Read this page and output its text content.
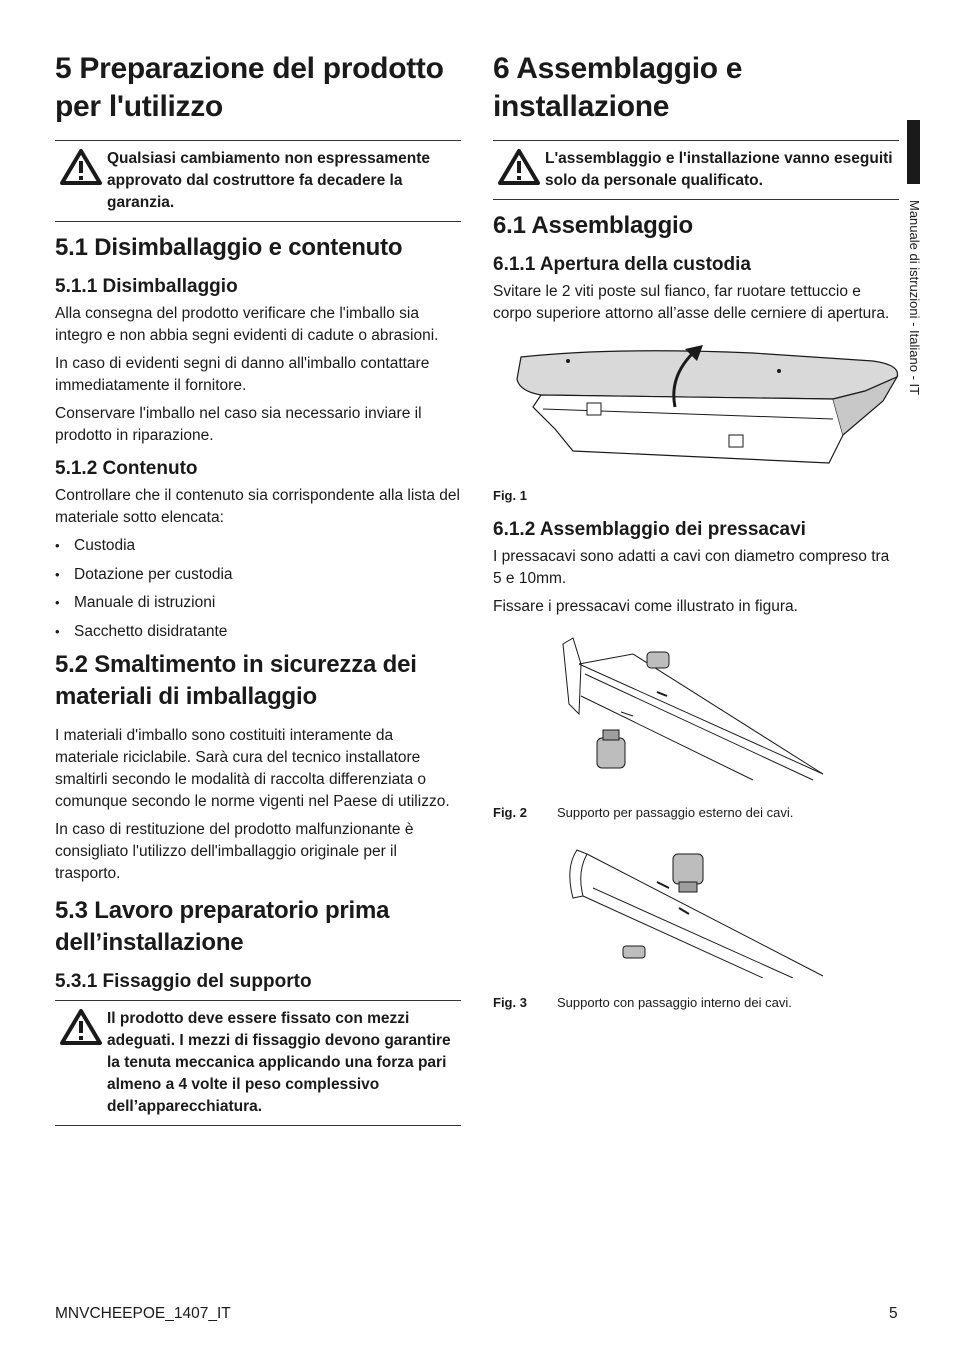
5 Preparazione del prodotto per l'utilizzo
Qualsiasi cambiamento non espressamente approvato dal costruttore fa decadere la garanzia.
5.1 Disimballaggio e contenuto
5.1.1 Disimballaggio

Alla consegna del prodotto verificare che l'imballo sia integro e non abbia segni evidenti di cadute o abrasioni.

In caso di evidenti segni di danno all'imballo contattare immediatamente il fornitore.

Conservare l'imballo nel caso sia necessario inviare il prodotto in riparazione.

5.1.2 Contenuto

Controllare che il contenuto sia corrispondente alla lista del materiale sotto elencata:

• Custodia
• Dotazione per custodia
• Manuale di istruzioni
• Sacchetto disidratante
5.2 Smaltimento in sicurezza dei materiali di imballaggio

I materiali d'imballo sono costituiti interamente da materiale riciclabile. Sarà cura del tecnico installatore smaltirli secondo le modalità di raccolta differenziata o comunque secondo le norme vigenti nel Paese di utilizzo.

In caso di restituzione del prodotto malfunzionante è consigliato l'utilizzo dell'imballaggio originale per il trasporto.

5.3 Lavoro preparatorio prima dell’installazione
5.3.1 Fissaggio del supporto
Il prodotto deve essere fissato con mezzi adeguati. I mezzi di fissaggio devono garantire la tenuta meccanica applicando una forza pari almeno a 4 volte il peso complessivo dell’apparecchiatura.
6 Assemblaggio e installazione
L'assemblaggio e l'installazione vanno eseguiti solo da personale qualificato.
6.1 Assemblaggio
6.1.1 Apertura della custodia

Svitare le 2 viti poste sul fianco, far ruotare tettuccio e corpo superiore attorno all’asse delle cerniere di apertura.

Fig. 1
6.1.2 Assemblaggio dei pressacavi

I pressacavi sono adatti a cavi con diametro compreso tra 5 e 10mm.

Fissare i pressacavi come illustrato in figura.

Fig. 2	Supporto per passaggio esterno dei cavi.
Fig. 3	Supporto con passaggio interno dei cavi.
Manuale di istruzioni - Italiano - IT
MNVCHEEPOE_1407_IT	5
